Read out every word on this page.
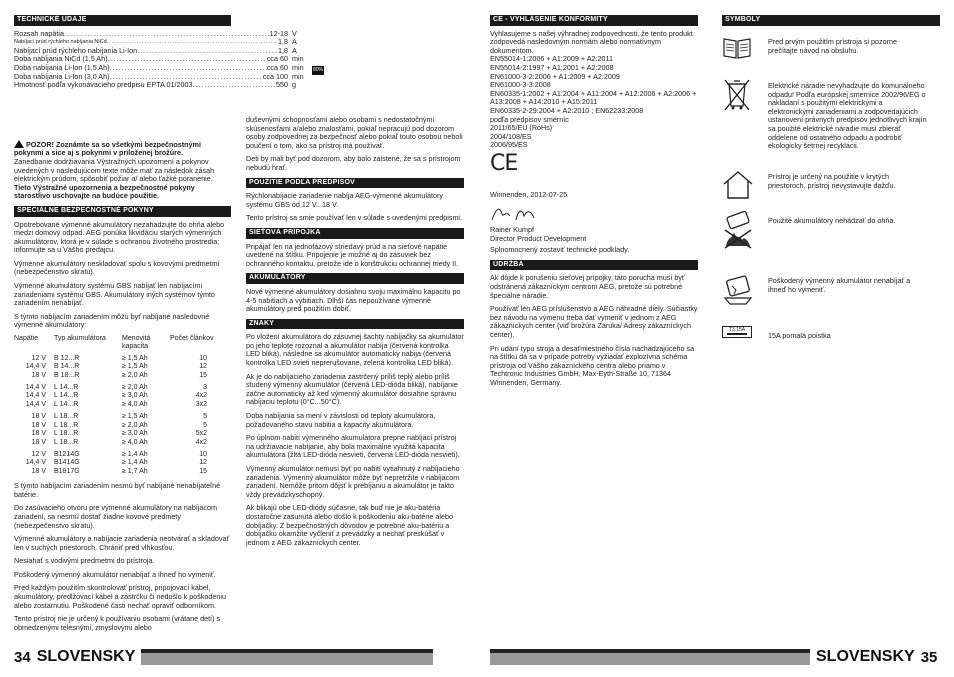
TECHNICKÉ ÚDAJE
Rozsah napätia .....	12-18 V
Nabíjací prúd rýchleho nabíjania NiCd .....	1,8 A
Nabíjací prúd rýchleho nabíjania Li-Ion .....	1,8 A
Doba nabíjania NiCd (1,5 Ah) .....	cca 60 min
Doba nabíjania Li-Ion (1,5 Ah) .....	cca 60 min
Doba nabíjania Li-Ion (3,0 Ah) .....	cca 100 min
Hmotnosť podľa vykonávacieho predpisu EPTA 01/2003 .....	550 g
80%

POZOR! Zoznámte sa so všetkými bezpečnostnými pokynmi a sice aj s pokynmi v priloženej brožúre.
Zanedbanie dodržiavania Výstražných upozornení a pokynov uvedených v nasledujúcom texte môže mať za následok zásah elektrickým prúdom, spôsobiť požiar a/ alebo ťažké poranenie.
Tieto Výstražné upozornenia a bezpečnostné pokyny starostlivo uschovajte na budúce použitie.

ŠPECIÁLNE BEZPEČNOSTNÉ POKYNY

Opotrebované výmenné akumulátory nezahadzujte do ohňa alebo medzi domový odpad. AEG ponúka likvidáciu starých výmenných akumulátorov, ktorá je v súlade s ochranou životného prostredia; informujte sa u Vášho predajcu.

Výmenné akumulátory neskladovať spolu s kovovými predmetmi (nebezpečenstvo skratu).

Výmenné akumulátory systému GBS nabíjať len nabíjacími zariadeniami systému GBS. Akumulátory iných systémov týmto zariadením nenabíjať.

S týmto nabíjacím zariadením môžu byť nabíjané nasledovné výmenné akumulátory:

Napätie	Typ akumulátora	Menovitá kapacita	Počet článkov
12 V	B 12...R	≥ 1,5 Ah	10
14,4 V	B 14...R	≥ 1,5 Ah	12
18 V	B 18...R	≥ 2,0 Ah	15
14,4 V	L 14...R	≥ 2,0 Ah	3
14,4 V	L 14...R	≥ 3,0 Ah	4x2
14,4 V	L 14...R	≥ 4,0 Ah	3x2
18 V	L 18...R	≥ 1,5 Ah	5
18 V	L 18...R	≥ 2,0 Ah	5
18 V	L 18...R	≥ 3,0 Ah	5x2
18 V	L 18...R	≥ 4,0 Ah	4x2
12 V	B1214G	≥ 1,4 Ah	10
14,4 V	B1414G	≥ 1,4 Ah	12
18 V	B1817G	≥ 1,7 Ah	15

S týmto nabíjacím zariadením nesmú byť nabíjané nenabíjateľné batérie.

Do zasúvacieho otvoru pre výmenné akumulátory na nabíjacom zariadení, sa nesmú dostať žiadne kovové predmety (nebezpečenstvo skratu).

Výmenné akumulátory a nabíjacie zariadenia neotvárať a skladovať len v suchých priestoroch. Chrániť pred vlhkosťou.

Nesiahať s vodivými predmetmi do prístroja.

Poškodený výmenný akumulátor nenabíjať a ihneď ho vymeniť.

Pred každým použitím skontrolovať prístroj, pripojovací kábel, akumulátory, predlžovací kábel a zástrčku či nedošlo k poškodeniu alebo zostarnutiu. Poškodené časti nechať opraviť odborníkom.

Tento prístroj nie je určený k používaniu osobami (vrátane detí) s obmedzenými telesnými, zmyslovými alebo

duševnými schopnosťami alebo osobami s nedostatočnými skúsenosťami a/alebo znalosťami, pokiaľ nepracujú pod dozorom osoby zodpovednej za bezpečnosť alebo pokiaľ touto osobou neboli poučení o tom, ako sa prístroj má používať.

Deti by mali byť pod dozorom, aby bolo zaistené, že sa s prístrojom nebudú hrať.

POUŽITIE PODĽA PREDPISOV

Rýchlonabíjacie zariadenie nabíja AEG-výmenné akumulátory systému GBS od 12 V...18 V.

Tento prístroj sa smie používať len v súlade s uvedenými predpismi.

SIEŤOVÁ PRÍPOJKA

Pripájať len na jednofázový striedavý prúd a na sieťové napätie uvedené na štítku. Pripojenie je možné aj do zásuviek bez ochranného kontaktu, pretože ide o konštrukciu ochrannej triedy II.

AKUMULÁTORY

Nové výmenné akumulátory dosiahnu svoju maximálnu kapacitu po 4-5 nabitiach a vybitiach. Dlhší čas nepoužívané výmenné akumulátory pred použitím dobiť.

ZNAKY

Po vložení akumulátora do zásuvnej šachty nabíjačky sa akumulátor po jeho teplote rozoznal a akumulátor nabíja (červená kontrolka LED bliká), následne sa akumulátor automaticky nabija (červená kontrolka LED svieti neprerušovane, zelená kontrolka LED bliká).

Ak je do nabíjacieho zariadenia zastrčený príliš teplý alebo príliš studený výmenný akumulátor (červená LED-dióda bliká), nabíjanie začne automaticky až keď výmenný akumulátor dosiahne správnu nabíjaciu teplotu (0°C...50°C).

Doba nabíjania sa mení v závislosti od teploty akumulátora, požadovaného stavu nabitia a kapacity akumulátora.

Po úplnom nabití výmenného akumulátora prepne nabíjací prístroj na udržiavacie nabíjanie, aby bola maximálne využitá kapacita akumulátora (žltá LED-dióda nesvieti, červená LED-dióda nesvieti).

Výmenný akumulátor nemusí byť po nabití vytiahnutý z nabíjacieho zariadenia. Výmenný akumulátor môže byť nepretržite v nabíjacom zariadení. Nemôže pritom dôjsť k prebíjaniu a akumulátor je takto vždy prevádzkyschopný.

Ak blikajú obe LED-diódy súčasne, tak buď nie je aku-batéria dostatočne zasunutá alebo došlo k poškodeniu aku-batérie alebo dobíjačky. Z bezpečnostných dôvodov je potrebné aku-batériu a dobíjačku okamžite vyčleniť z prevádzky a nechať preskúšať v jednom z AEG zákazníckych center.

CE - VYHLÁSENIE KONFORMITY

Vyhlasujeme s našej výhradnej zodpovednosti, že tento produkt zodpovedá nasledovným normám alebo normatívnym dokumentom.

EN55014-1:2006 + A1:2009 + A2:2011
EN55014-2:1997 + A1:2001 + A2:2008
EN61000-3-2:2006 + A1:2009 + A2:2009
EN61000-3-3:2008
EN60335-1:2002 + A1:2004 + A11:2004 + A12:2006 + A2:2006 + A13:2008 + A14:2010 + A15:2011
EN60335-2-29:2004 + A2:2010 ; EN62233:2008
podľa predpisov smerníc
2011/65/EU (RoHs)
2004/108/ES
2006/95/ES
CE

Winnenden, 2012-07-25

Rainer Kumpf
Director Product Development

Splnomocnený zostaviť technické podklady.

ÚDRŽBA

Ak dôjde k porušeniu sieťovej prípojky, táto porucha musí byť odstránená zákazníckym centrom AEG, pretože sú potrebné špeciálne náradie.

Používať len AEG príslušenstvo a AEG náhradné diely. Súčiastky bez návodu na výmenu treba dať vymeniť v jednom z AEG zákazníckych center (viď brožúra Záruka/ Adresy zákazníckych center).

Pri udaní typu stroja a desaťmiestneho čísla nachádzajúceho sa na štítku dá sa v prípade potreby vyžiadať explozívna schéma prístroja od Vášho zákazníckeho centra alebo priamo v Techtronic Industries GmbH, Max-Eyth-Straße 10, 71364 Winnenden, Germany.

SYMBOLY
Pred prvým použitím prístroja si pozorne prečítajte návod na obsluhu.
Elektrické náradie nevyhadzujte do komunálneho odpadu! Podľa európskej smernice 2002/96/EG o nakladaní s použitými elektrickými a elektronickými zariadeniami a zodpovedajúcich ustanovení právnych predpisov jednotlivých krajín sa použité elektrické náradie musí zbierať oddelene od ostatného odpadu a podrobiť ekologicky šetrnej recyklácii.
Prístroj je určený na použitie v krytých priestoroch, prístroj nevystavujte dažďu.
Použité akumulátory nehádzať do ohňa.
Poškodený výmenný akumulátor nenabíjať a ihneď ho vymeniť.
T3.15A
15A pomalá poistka
34 SLOVENSKY	SLOVENSKY 35
